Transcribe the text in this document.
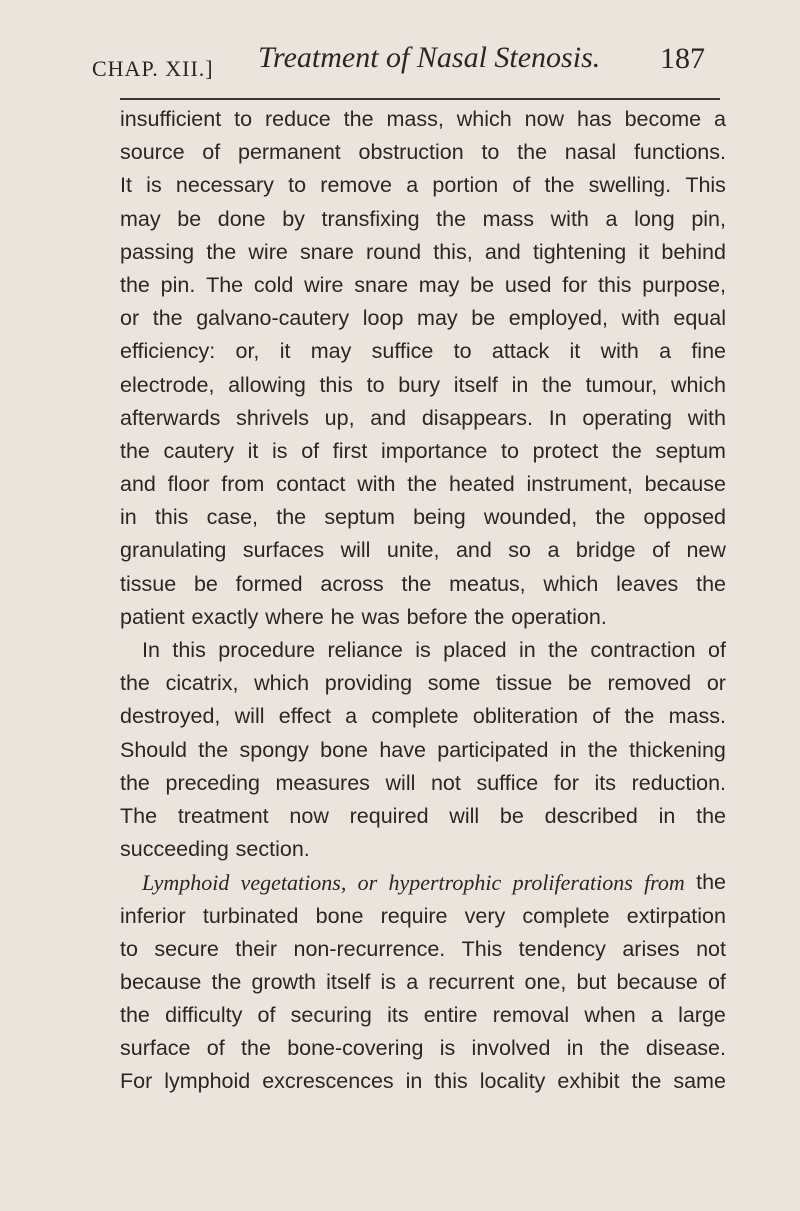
CHAP. XII.] Treatment of Nasal Stenosis. 187
insufficient to reduce the mass, which now has become a
source of permanent obstruction to the nasal functions.
It is necessary to remove a portion of the swelling. This
may be done by transfixing the mass with a long pin,
passing the wire snare round this, and tightening it behind
the pin. The cold wire snare may be used for this purpose,
or the galvano-cautery loop may be employed, with equal
efficiency: or, it may suffice to attack it with a fine
electrode, allowing this to bury itself in the tumour, which
afterwards shrivels up, and disappears. In operating with
the cautery it is of first importance to protect the septum
and floor from contact with the heated instrument, because
in this case, the septum being wounded, the opposed
granulating surfaces will unite, and so a bridge of new
tissue be formed across the meatus, which leaves the
patient exactly where he was before the operation.
In this procedure reliance is placed in the contraction of
the cicatrix, which providing some tissue be removed or
destroyed, will effect a complete obliteration of the mass.
Should the spongy bone have participated in the thickening
the preceding measures will not suffice for its reduction.
The treatment now required will be described in the
succeeding section.
Lymphoid vegetations, or hypertrophic proliferations from the
inferior turbinated bone require very complete extirpation
to secure their non-recurrence. This tendency arises not
because the growth itself is a recurrent one, but because of
the difficulty of securing its entire removal when a large
surface of the bone-covering is involved in the disease.
For lymphoid excrescences in this locality exhibit the same
